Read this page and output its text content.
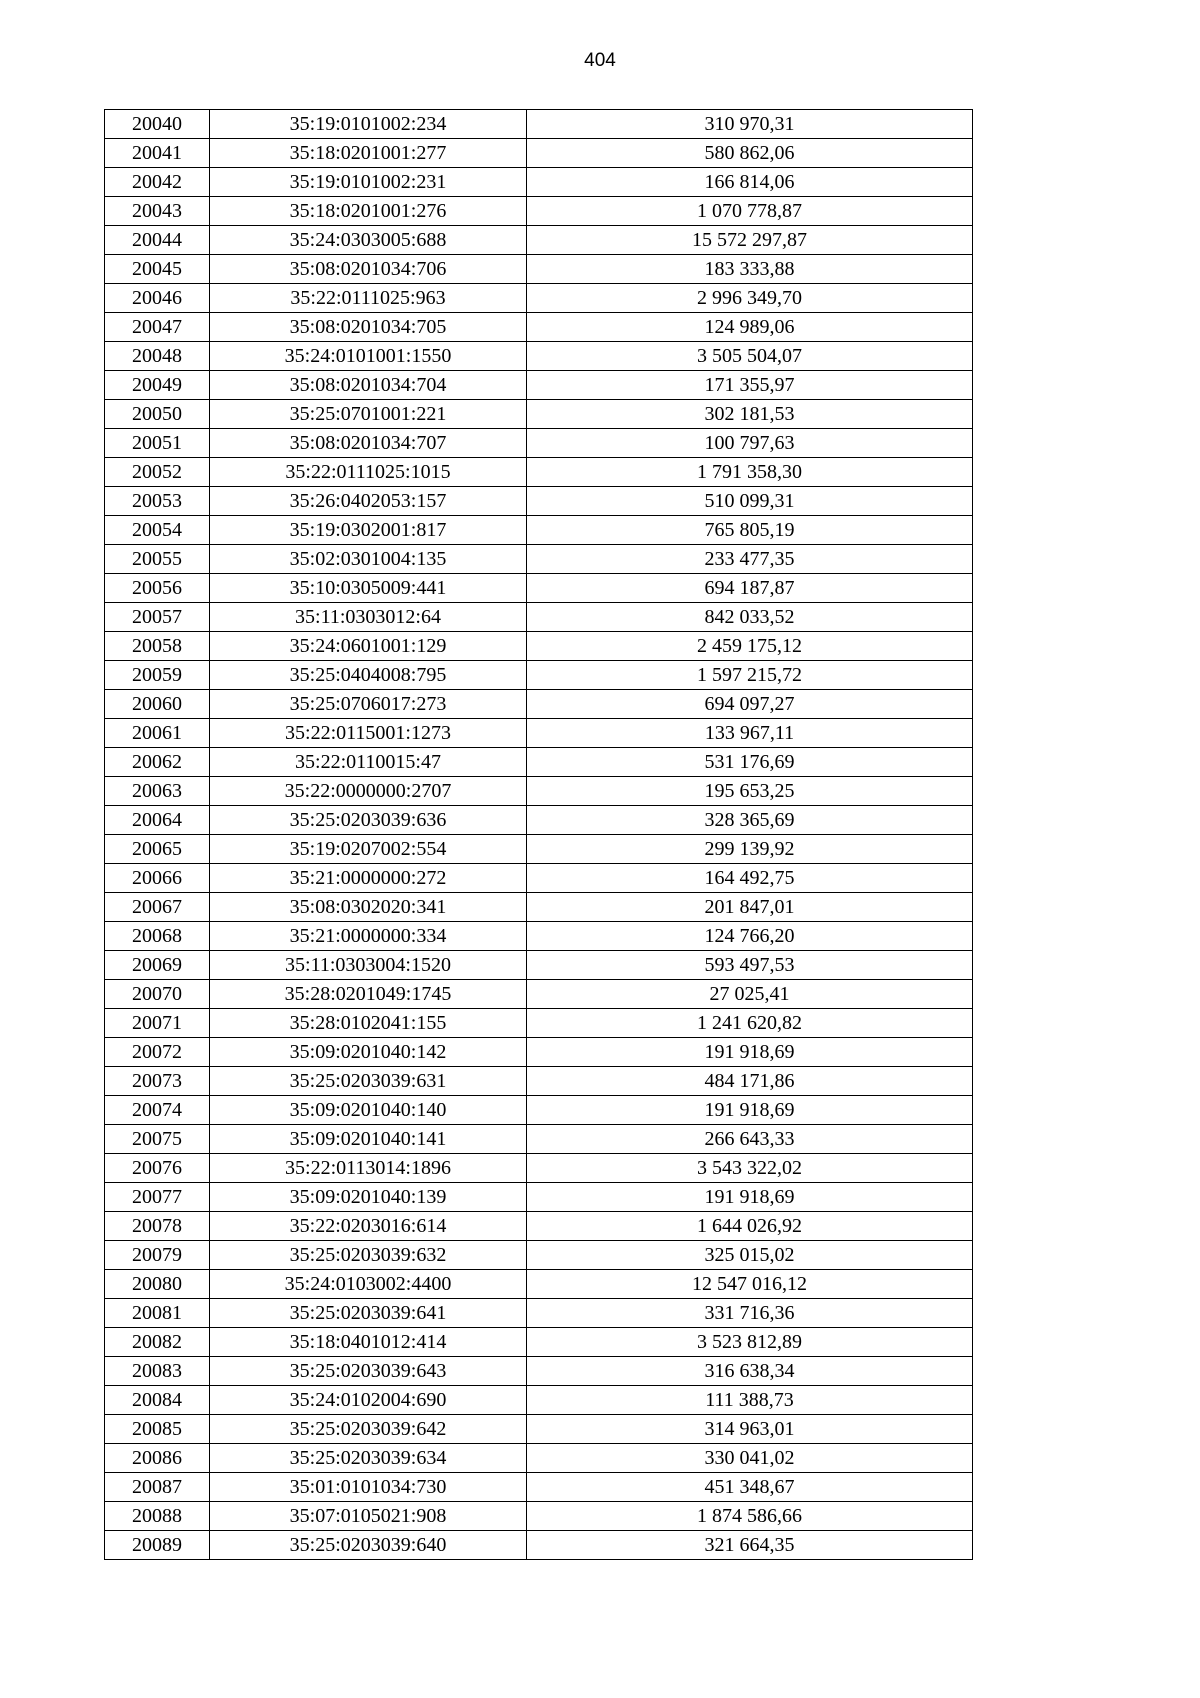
404
20040	35:19:0101002:234	310 970,31
20041	35:18:0201001:277	580 862,06
20042	35:19:0101002:231	166 814,06
20043	35:18:0201001:276	1 070 778,87
20044	35:24:0303005:688	15 572 297,87
20045	35:08:0201034:706	183 333,88
20046	35:22:0111025:963	2 996 349,70
20047	35:08:0201034:705	124 989,06
20048	35:24:0101001:1550	3 505 504,07
20049	35:08:0201034:704	171 355,97
20050	35:25:0701001:221	302 181,53
20051	35:08:0201034:707	100 797,63
20052	35:22:0111025:1015	1 791 358,30
20053	35:26:0402053:157	510 099,31
20054	35:19:0302001:817	765 805,19
20055	35:02:0301004:135	233 477,35
20056	35:10:0305009:441	694 187,87
20057	35:11:0303012:64	842 033,52
20058	35:24:0601001:129	2 459 175,12
20059	35:25:0404008:795	1 597 215,72
20060	35:25:0706017:273	694 097,27
20061	35:22:0115001:1273	133 967,11
20062	35:22:0110015:47	531 176,69
20063	35:22:0000000:2707	195 653,25
20064	35:25:0203039:636	328 365,69
20065	35:19:0207002:554	299 139,92
20066	35:21:0000000:272	164 492,75
20067	35:08:0302020:341	201 847,01
20068	35:21:0000000:334	124 766,20
20069	35:11:0303004:1520	593 497,53
20070	35:28:0201049:1745	27 025,41
20071	35:28:0102041:155	1 241 620,82
20072	35:09:0201040:142	191 918,69
20073	35:25:0203039:631	484 171,86
20074	35:09:0201040:140	191 918,69
20075	35:09:0201040:141	266 643,33
20076	35:22:0113014:1896	3 543 322,02
20077	35:09:0201040:139	191 918,69
20078	35:22:0203016:614	1 644 026,92
20079	35:25:0203039:632	325 015,02
20080	35:24:0103002:4400	12 547 016,12
20081	35:25:0203039:641	331 716,36
20082	35:18:0401012:414	3 523 812,89
20083	35:25:0203039:643	316 638,34
20084	35:24:0102004:690	111 388,73
20085	35:25:0203039:642	314 963,01
20086	35:25:0203039:634	330 041,02
20087	35:01:0101034:730	451 348,67
20088	35:07:0105021:908	1 874 586,66
20089	35:25:0203039:640	321 664,35
